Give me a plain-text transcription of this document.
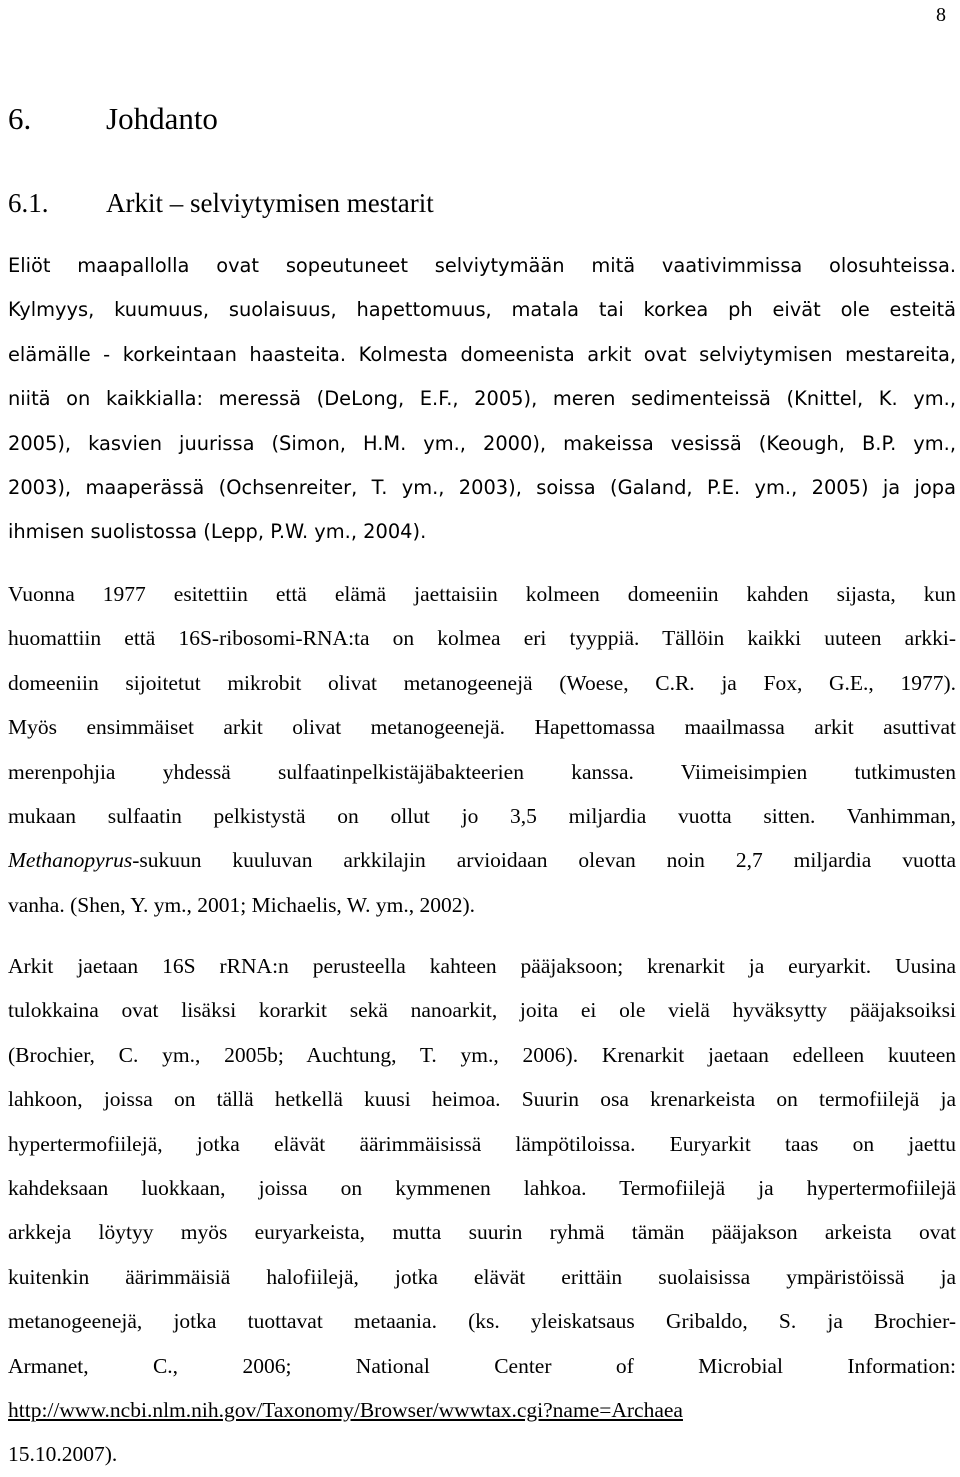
8
6. Johdanto
6.1. Arkit – selviytymisen mestarit
Eliöt maapallolla ovat sopeutuneet selviytymään mitä vaativimmissa olosuhteissa.
Kylmyys, kuumuus, suolaisuus, hapettomuus, matala tai korkea ph eivät ole esteitä
elämälle - korkeintaan haasteita. Kolmesta domeenista arkit ovat selviytymisen mestareita,
niitä on kaikkialla: meressä (DeLong, E.F., 2005), meren sedimenteissä (Knittel, K. ym.,
2005), kasvien juurissa (Simon, H.M. ym., 2000), makeissa vesissä (Keough, B.P. ym.,
2003), maaperässä (Ochsenreiter, T. ym., 2003), soissa (Galand, P.E. ym., 2005) ja jopa
ihmisen suolistossa (Lepp, P.W. ym., 2004).
Vuonna 1977 esitettiin että elämä jaettaisiin kolmeen domeeniin kahden sijasta, kun
huomattiin että 16S-ribosomi-RNA:ta on kolmea eri tyyppiä. Tällöin kaikki uuteen arkki-
domeeniin sijoitetut mikrobit olivat metanogeenejä (Woese, C.R. ja Fox, G.E., 1977).
Myös ensimmäiset arkit olivat metanogeenejä. Hapettomassa maailmassa arkit asuttivat
merenpohjia yhdessä sulfaatinpelkistäjäbakteerien kanssa. Viimeisimpien tutkimusten
mukaan sulfaatin pelkistystä on ollut jo 3,5 miljardia vuotta sitten. Vanhimman,
Methanopyrus-sukuun kuuluvan arkkilajin arvioidaan olevan noin 2,7 miljardia vuotta
vanha. (Shen, Y. ym., 2001; Michaelis, W. ym., 2002).
Arkit jaetaan 16S rRNA:n perusteella kahteen pääjaksoon; krenarkit ja euryarkit. Uusina
tulokkaina ovat lisäksi korarkit sekä nanoarkit, joita ei ole vielä hyväksytty pääjaksoiksi
(Brochier, C. ym., 2005b; Auchtung, T. ym., 2006). Krenarkit jaetaan edelleen kuuteen
lahkoon, joissa on tällä hetkellä kuusi heimoa. Suurin osa krenarkeista on termofiilejä ja
hypertermofiilejä, jotka elävät äärimmäisissä lämpötiloissa. Euryarkit taas on jaettu
kahdeksaan luokkaan, joissa on kymmenen lahkoa. Termofiilejä ja hypertermofiilejä
arkkeja löytyy myös euryarkeista, mutta suurin ryhmä tämän pääjakson arkeista ovat
kuitenkin äärimmäisiä halofiilejä, jotka elävät erittäin suolaisissa ympäristöissä ja
metanogeenejä, jotka tuottavat metaania. (ks. yleiskatsaus Gribaldo, S. ja Brochier-
Armanet, C., 2006; National Center of Microbial Information:
http://www.ncbi.nlm.nih.gov/Taxonomy/Browser/wwwtax.cgi?name=Archaea
15.10.2007).
